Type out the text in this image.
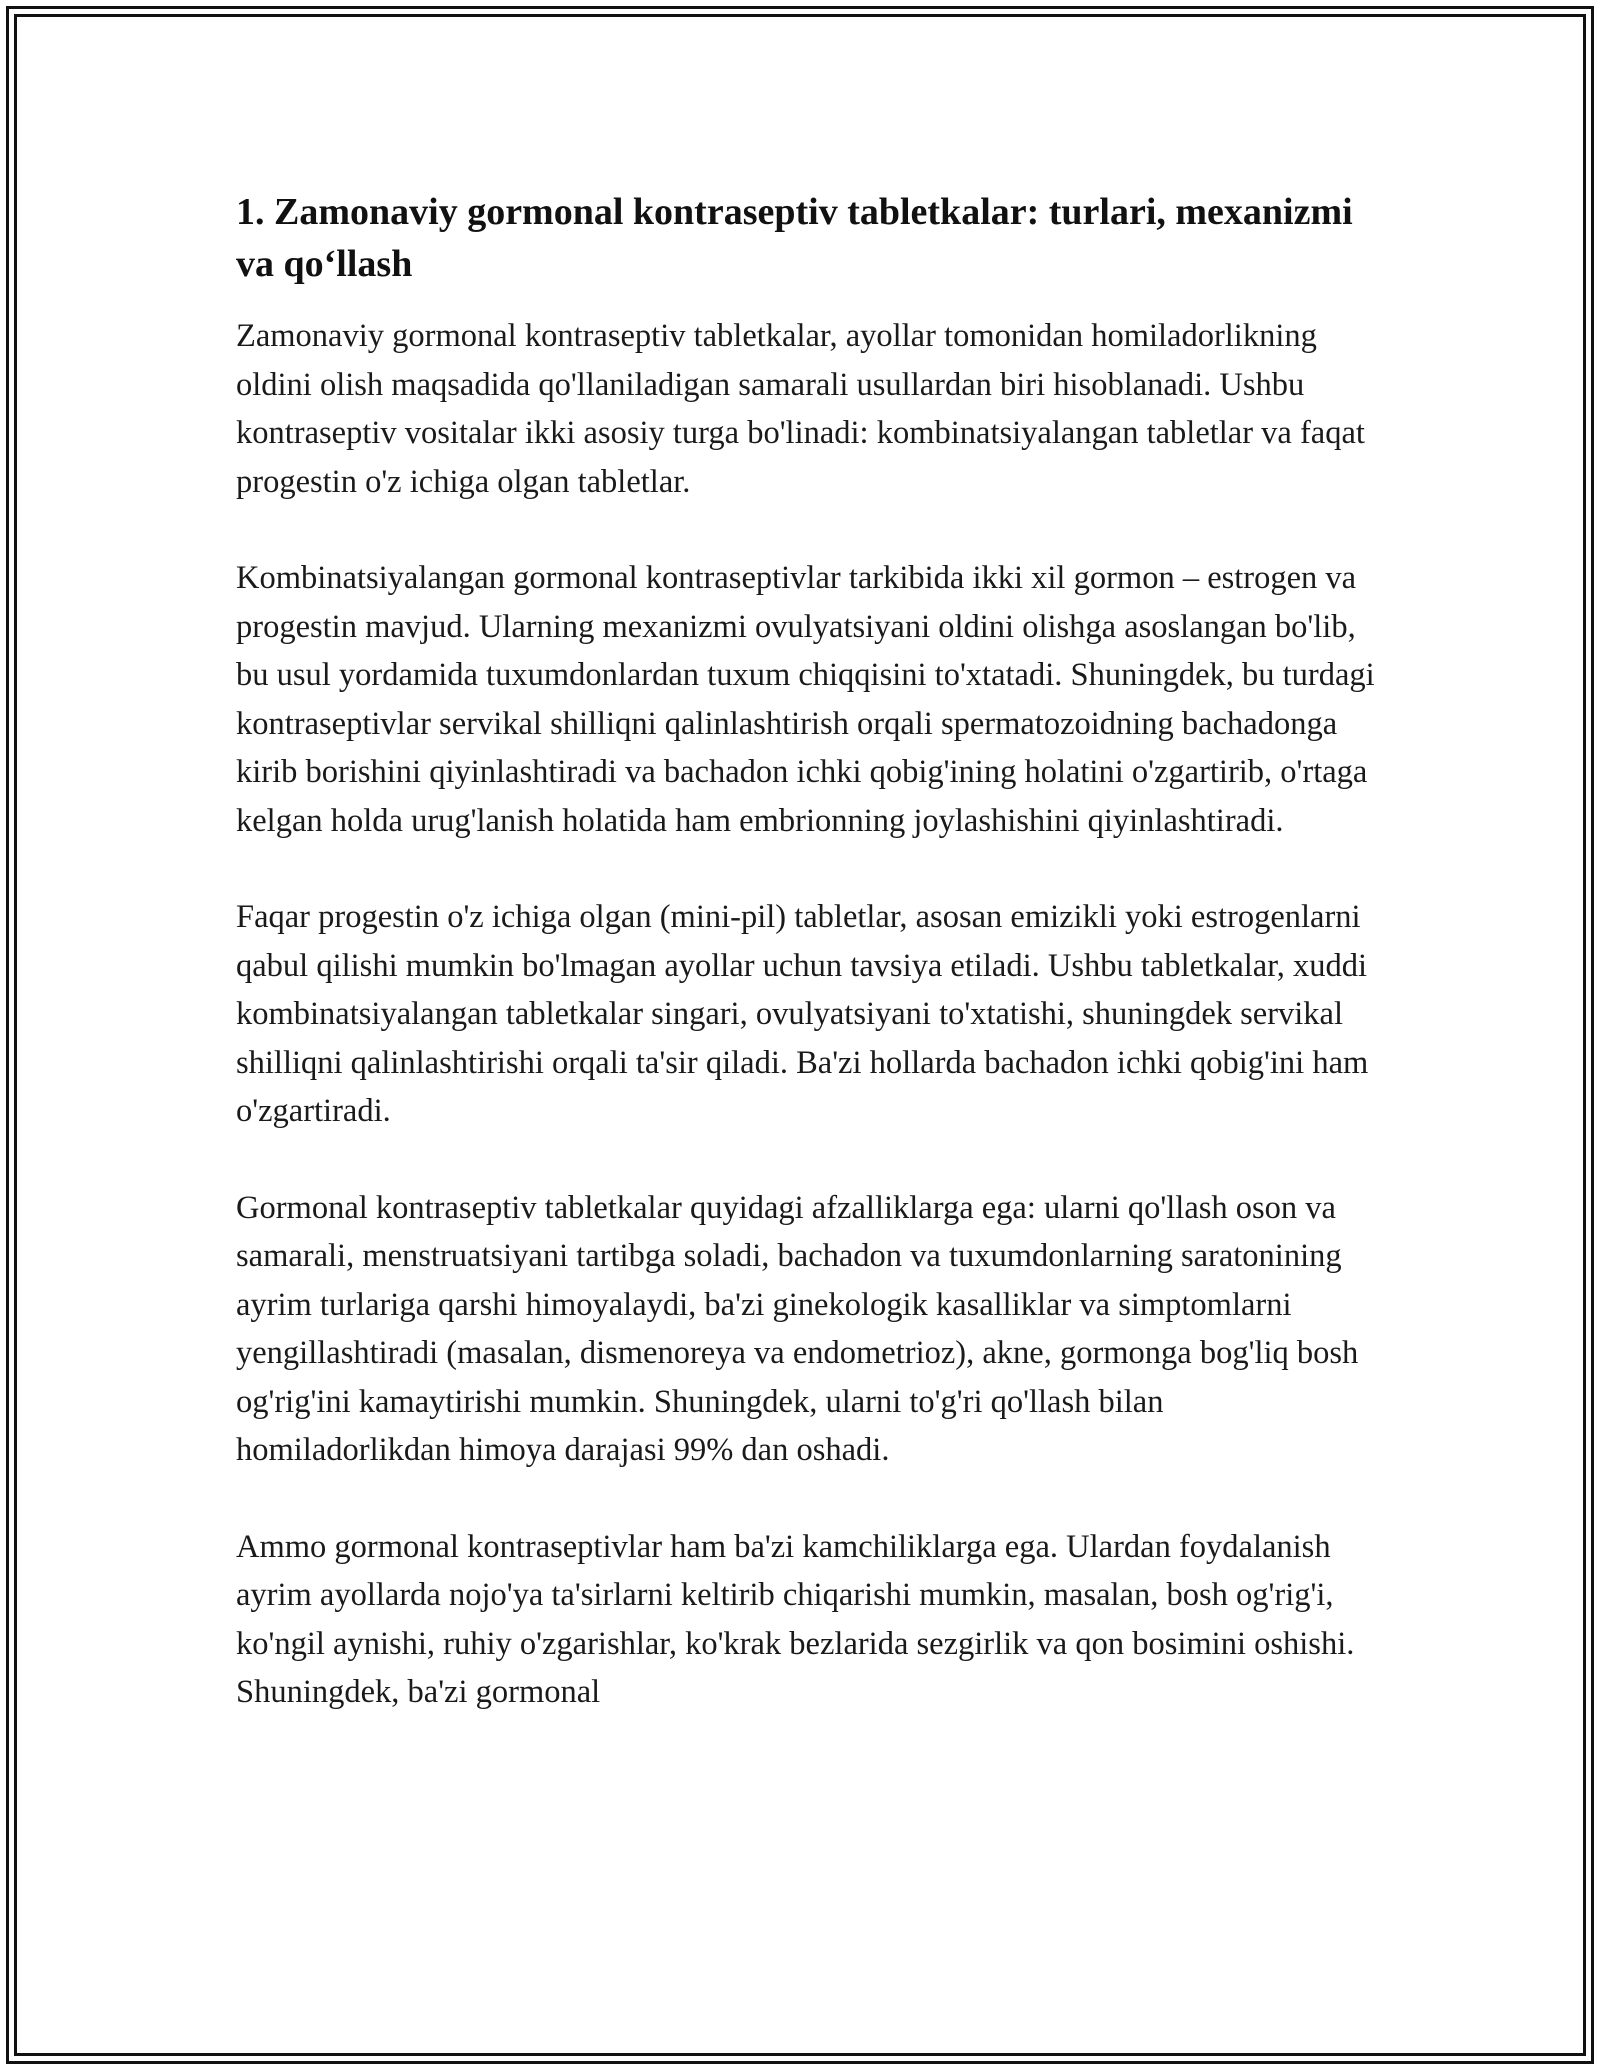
1. Zamonaviy gormonal kontraseptiv tabletkalar: turlari, mexanizmi va qo‘llash

Zamonaviy gormonal kontraseptiv tabletkalar, ayollar tomonidan homiladorlikning oldini olish maqsadida qo'llaniladigan samarali usullardan biri hisoblanadi. Ushbu kontraseptiv vositalar ikki asosiy turga bo'linadi: kombinatsiyalangan tabletlar va faqat progestin o'z ichiga olgan tabletlar.

Kombinatsiyalangan gormonal kontraseptivlar tarkibida ikki xil gormon – estrogen va progestin mavjud. Ularning mexanizmi ovulyatsiyani oldini olishga asoslangan bo'lib, bu usul yordamida tuxumdonlardan tuxum chiqqisini to'xtatadi. Shuningdek, bu turdagi kontraseptivlar servikal shilliqni qalinlashtirish orqali spermatozoidning bachadonga kirib borishini qiyinlashtiradi va bachadon ichki qobig'ining holatini o'zgartirib, o'rtaga kelgan holda urug'lanish holatida ham embrionning joylashishini qiyinlashtiradi.

Faqar progestin o'z ichiga olgan (mini-pil) tabletlar, asosan emizikli yoki estrogenlarni qabul qilishi mumkin bo'lmagan ayollar uchun tavsiya etiladi. Ushbu tabletkalar, xuddi kombinatsiyalangan tabletkalar singari, ovulyatsiyani to'xtatishi, shuningdek servikal shilliqni qalinlashtirishi orqali ta'sir qiladi. Ba'zi hollarda bachadon ichki qobig'ini ham o'zgartiradi.

Gormonal kontraseptiv tabletkalar quyidagi afzalliklarga ega: ularni qo'llash oson va samarali, menstruatsiyani tartibga soladi, bachadon va tuxumdonlarning saratonining ayrim turlariga qarshi himoyalaydi, ba'zi ginekologik kasalliklar va simptomlarni yengillashtiradi (masalan, dismenoreya va endometrioz), akne, gormonga bog'liq bosh og'rig'ini kamaytirishi mumkin. Shuningdek, ularni to'g'ri qo'llash bilan homiladorlikdan himoya darajasi 99% dan oshadi.

Ammo gormonal kontraseptivlar ham ba'zi kamchiliklarga ega. Ulardan foydalanish ayrim ayollarda nojo'ya ta'sirlarni keltirib chiqarishi mumkin, masalan, bosh og'rig'i, ko'ngil aynishi, ruhiy o'zgarishlar, ko'krak bezlarida sezgirlik va qon bosimini oshishi. Shuningdek, ba'zi gormonal
